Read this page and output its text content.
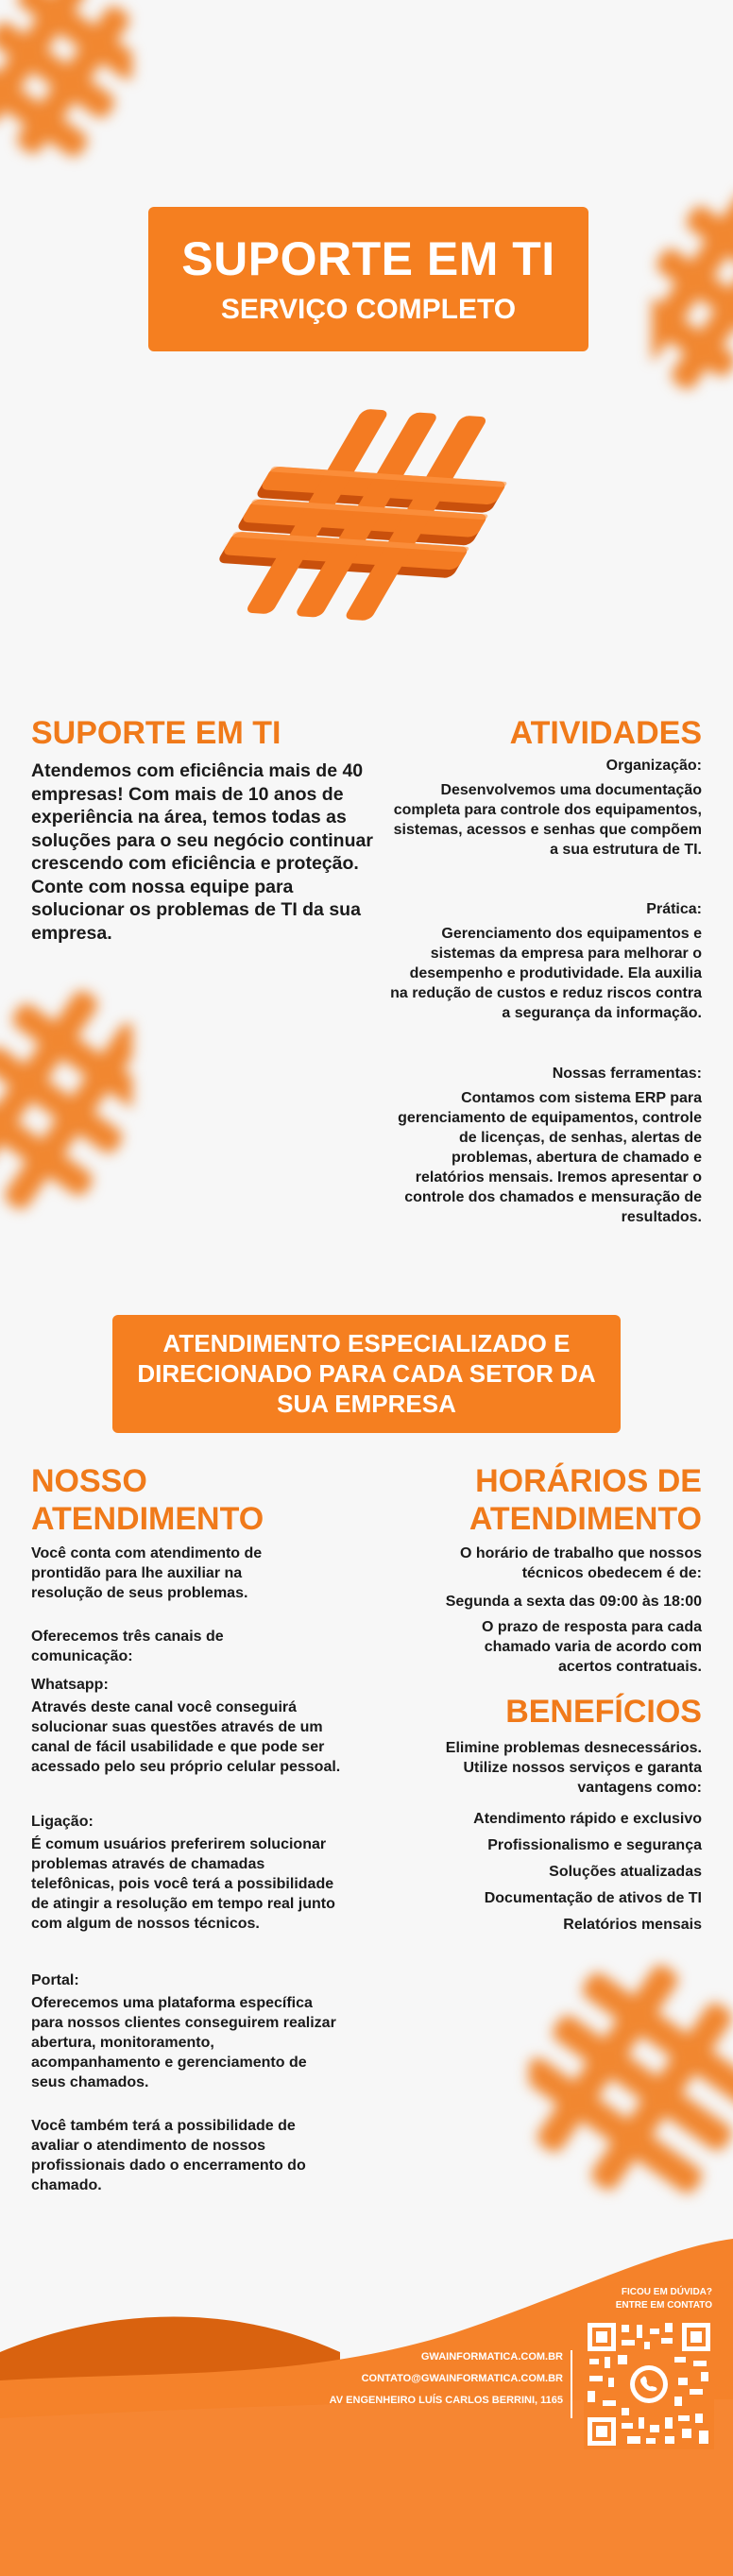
SUPORTE EM TI
SERVIÇO COMPLETO
SUPORTE EM TI
Atendemos com eficiência mais de 40 empresas! Com mais de 10 anos de experiência na área, temos todas as soluções para o seu negócio continuar crescendo com eficiência e proteção. Conte com nossa equipe para solucionar os problemas de TI da sua empresa.
ATIVIDADES
Organização:
Desenvolvemos uma documentação completa para controle dos equipamentos, sistemas, acessos e senhas que compõem a sua estrutura de TI.
Prática:
Gerenciamento dos equipamentos e sistemas da empresa para melhorar o desempenho e produtividade. Ela auxilia na redução de custos e reduz riscos contra a segurança da informação.
Nossas ferramentas:
Contamos com sistema ERP para gerenciamento de equipamentos, controle de licenças, de senhas, alertas de problemas, abertura de chamado e relatórios mensais. Iremos apresentar o controle dos chamados e mensuração de resultados.
ATENDIMENTO ESPECIALIZADO E DIRECIONADO PARA CADA SETOR DA SUA EMPRESA
NOSSO
ATENDIMENTO
Você conta com atendimento de prontidão para lhe auxiliar na resolução de seus problemas.
Oferecemos três canais de comunicação:
Whatsapp:
Através deste canal você conseguirá solucionar suas questões através de um canal de fácil usabilidade e que pode ser acessado pelo seu próprio celular pessoal.
Ligação:
É comum usuários preferirem solucionar problemas através de chamadas telefônicas, pois você terá a possibilidade de atingir a resolução em tempo real junto com algum de nossos técnicos.
Portal:
Oferecemos uma plataforma específica para nossos clientes conseguirem realizar abertura, monitoramento, acompanhamento e gerenciamento de seus chamados.
Você também terá a possibilidade de avaliar o atendimento de nossos profissionais dado o encerramento do chamado.
HORÁRIOS DE
ATENDIMENTO
O horário de trabalho que nossos técnicos obedecem é de:
Segunda a sexta das 09:00 às 18:00
O prazo de resposta para cada chamado varia de acordo com acertos contratuais.
BENEFÍCIOS
Elimine problemas desnecessários. Utilize nossos serviços e garanta vantagens como:
Atendimento rápido e exclusivo
Profissionalismo e segurança
Soluções atualizadas
Documentação de ativos de TI
Relatórios mensais
GWAINFORMATICA.COM.BR
CONTATO@GWAINFORMATICA.COM.BR
AV ENGENHEIRO LUÍS CARLOS BERRINI, 1165
FICOU EM DÚVIDA?
ENTRE EM CONTATO
